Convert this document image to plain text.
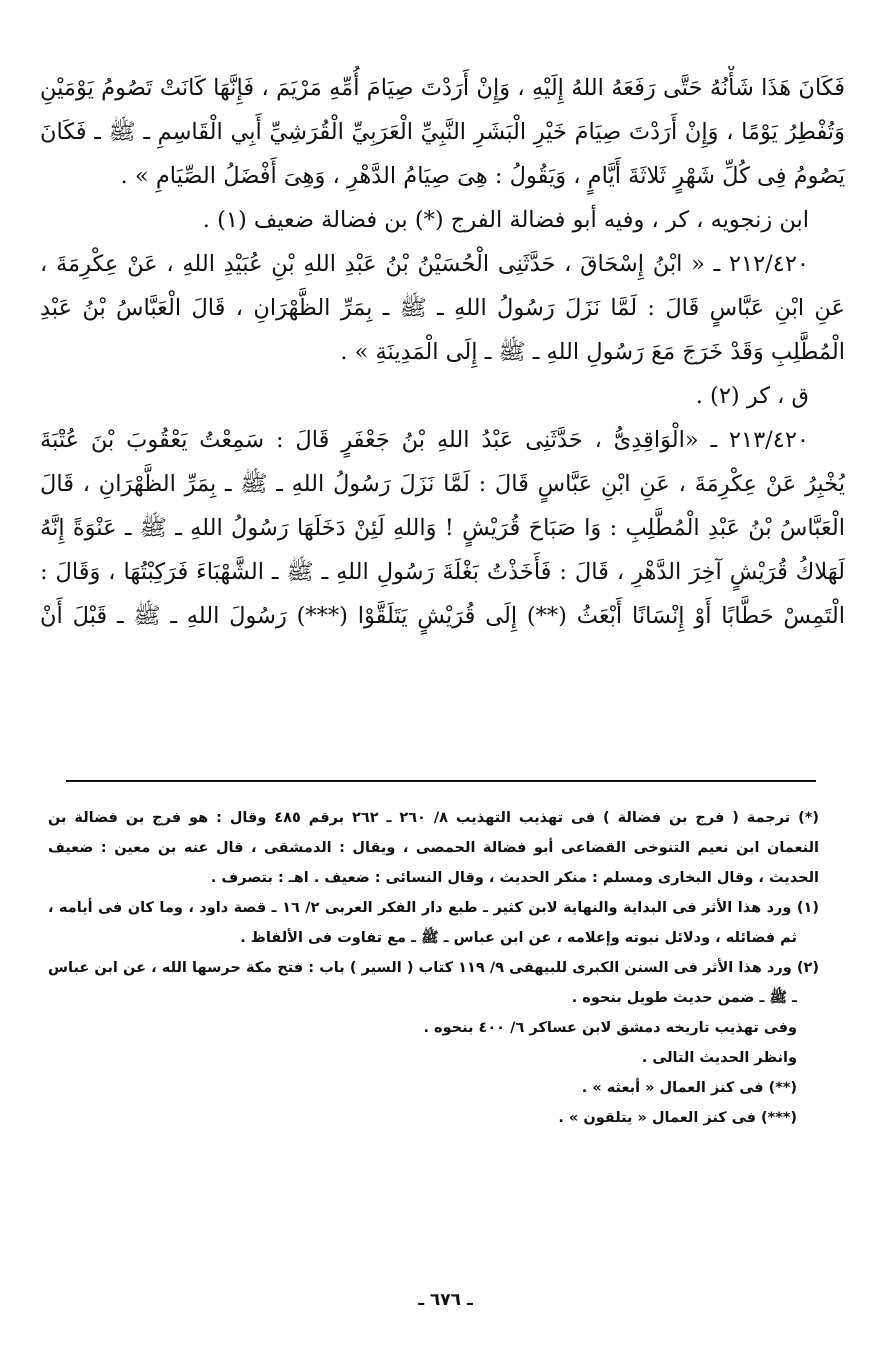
فَكَانَ هَذَا شَأْنُهُ حَتَّى رَفَعَهُ اللهُ إِلَيْهِ ، وَإِنْ أَرَدْتَ صِيَامَ أُمِّهِ مَرْيَمَ ، فَإِنَّهَا كَانَتْ تَصُومُ يَوْمَيْنِ
وَتُفْطِرُ يَوْمًا ، وَإِنْ أَرَدْتَ صِيَامَ خَيْرِ الْبَشَرِ النَّبِيِّ الْعَرَبِيِّ الْقُرَشِيِّ أَبِي الْقَاسِمِ ـ ﷺ ـ فَكَانَ
يَصُومُ فِى كُلِّ شَهْرٍ ثَلاثَةَ أَيَّامٍ ، وَيَقُولُ : هِىَ صِيَامُ الدَّهْرِ ، وَهِىَ أَفْضَلُ الصِّيَامِ » .
ابن زنجويه ، كر ، وفيه أبو فضالة الفرج (*) بن فضالة ضعيف (١) .
٢١٢/٤٢٠ ـ « ابْنُ إِسْحَاقَ ، حَدَّثَنِى الْحُسَيْنُ بْنُ عَبْدِ اللهِ بْنِ عُبَيْدِ اللهِ ، عَنْ عِكْرِمَةَ ،
عَنِ ابْنِ عَبَّاسٍ قَالَ : لَمَّا نَزَلَ رَسُولُ اللهِ ـ ﷺ ـ بِمَرِّ الظَّهْرَانِ ، قَالَ الْعَبَّاسُ بْنُ عَبْدِ
الْمُطَّلِبِ وَقَدْ خَرَجَ مَعَ رَسُولِ اللهِ ـ ﷺ ـ إِلَى الْمَدِينَةِ » .
ق ، كر (٢) .
٢١٣/٤٢٠ ـ «الْوَاقِدِىُّ ، حَدَّثَنِى عَبْدُ اللهِ بْنُ جَعْفَرٍ قَالَ : سَمِعْتُ يَعْقُوبَ بْنَ عُتْبَةَ
يُخْبِرُ عَنْ عِكْرِمَةَ ، عَنِ ابْنِ عَبَّاسٍ قَالَ : لَمَّا نَزَلَ رَسُولُ اللهِ ـ ﷺ ـ بِمَرِّ الظَّهْرَانِ ، قَالَ
الْعَبَّاسُ بْنُ عَبْدِ الْمُطَّلِبِ : وَا صَبَاحَ قُرَيْشٍ ! وَاللهِ لَئِنْ دَخَلَهَا رَسُولُ اللهِ ـ ﷺ ـ عَنْوَةً إِنَّهُ
لَهَلاكُ قُرَيْشٍ آخِرَ الدَّهْرِ ، قَالَ : فَأَخَذْتُ بَغْلَةَ رَسُولِ اللهِ ـ ﷺ ـ الشَّهْبَاءَ فَرَكِبْتُهَا ، وَقَالَ :
الْتَمِسْ حَطَّابًا أَوْ إِنْسَانًا أَبْعَثُ (**) إِلَى قُرَيْشٍ يَتَلَقَّوْا (***) رَسُولَ اللهِ ـ ﷺ ـ قَبْلَ أَنْ
(*) ترجمة ( فرج بن فضالة ) فى تهذيب التهذيب ٨/ ٢٦٠ ـ ٢٦٢ برقم ٤٨٥ وقال : هو فرج بن فضالة بن
النعمان ابن نعيم التنوخى القضاعى أبو فضالة الحمصى ، ويقال : الدمشقى ، قال عنه بن معين : ضعيف
الحديث ، وقال البخارى ومسلم : منكر الحديث ، وقال النسائى : ضعيف . اهـ : بتصرف .
(١) ورد هذا الأثر فى البداية والنهاية لابن كثير ـ طبع دار الفكر العربى ٢/ ١٦ ـ قصة داود ، وما كان فى أيامه ،
ثم فضائله ، ودلائل نبوته وإعلامه ، عن ابن عباس ـ ﷺ ـ مع تفاوت فى الألفاظ .
(٢) ورد هذا الأثر فى السنن الكبرى للبيهقى ٩/ ١١٩ كتاب ( السير ) باب : فتح مكة حرسها الله ، عن ابن عباس
ـ ﷺ ـ ضمن حديث طويل بنحوه .
وفى تهذيب تاريخه دمشق لابن عساكر ٦/ ٤٠٠ بنحوه .
وانظر الحديث التالى .
(**) فى كنز العمال « أبعثه » .
(***) فى كنز العمال « يتلقون » .
ـ ٦٧٦ ـ
